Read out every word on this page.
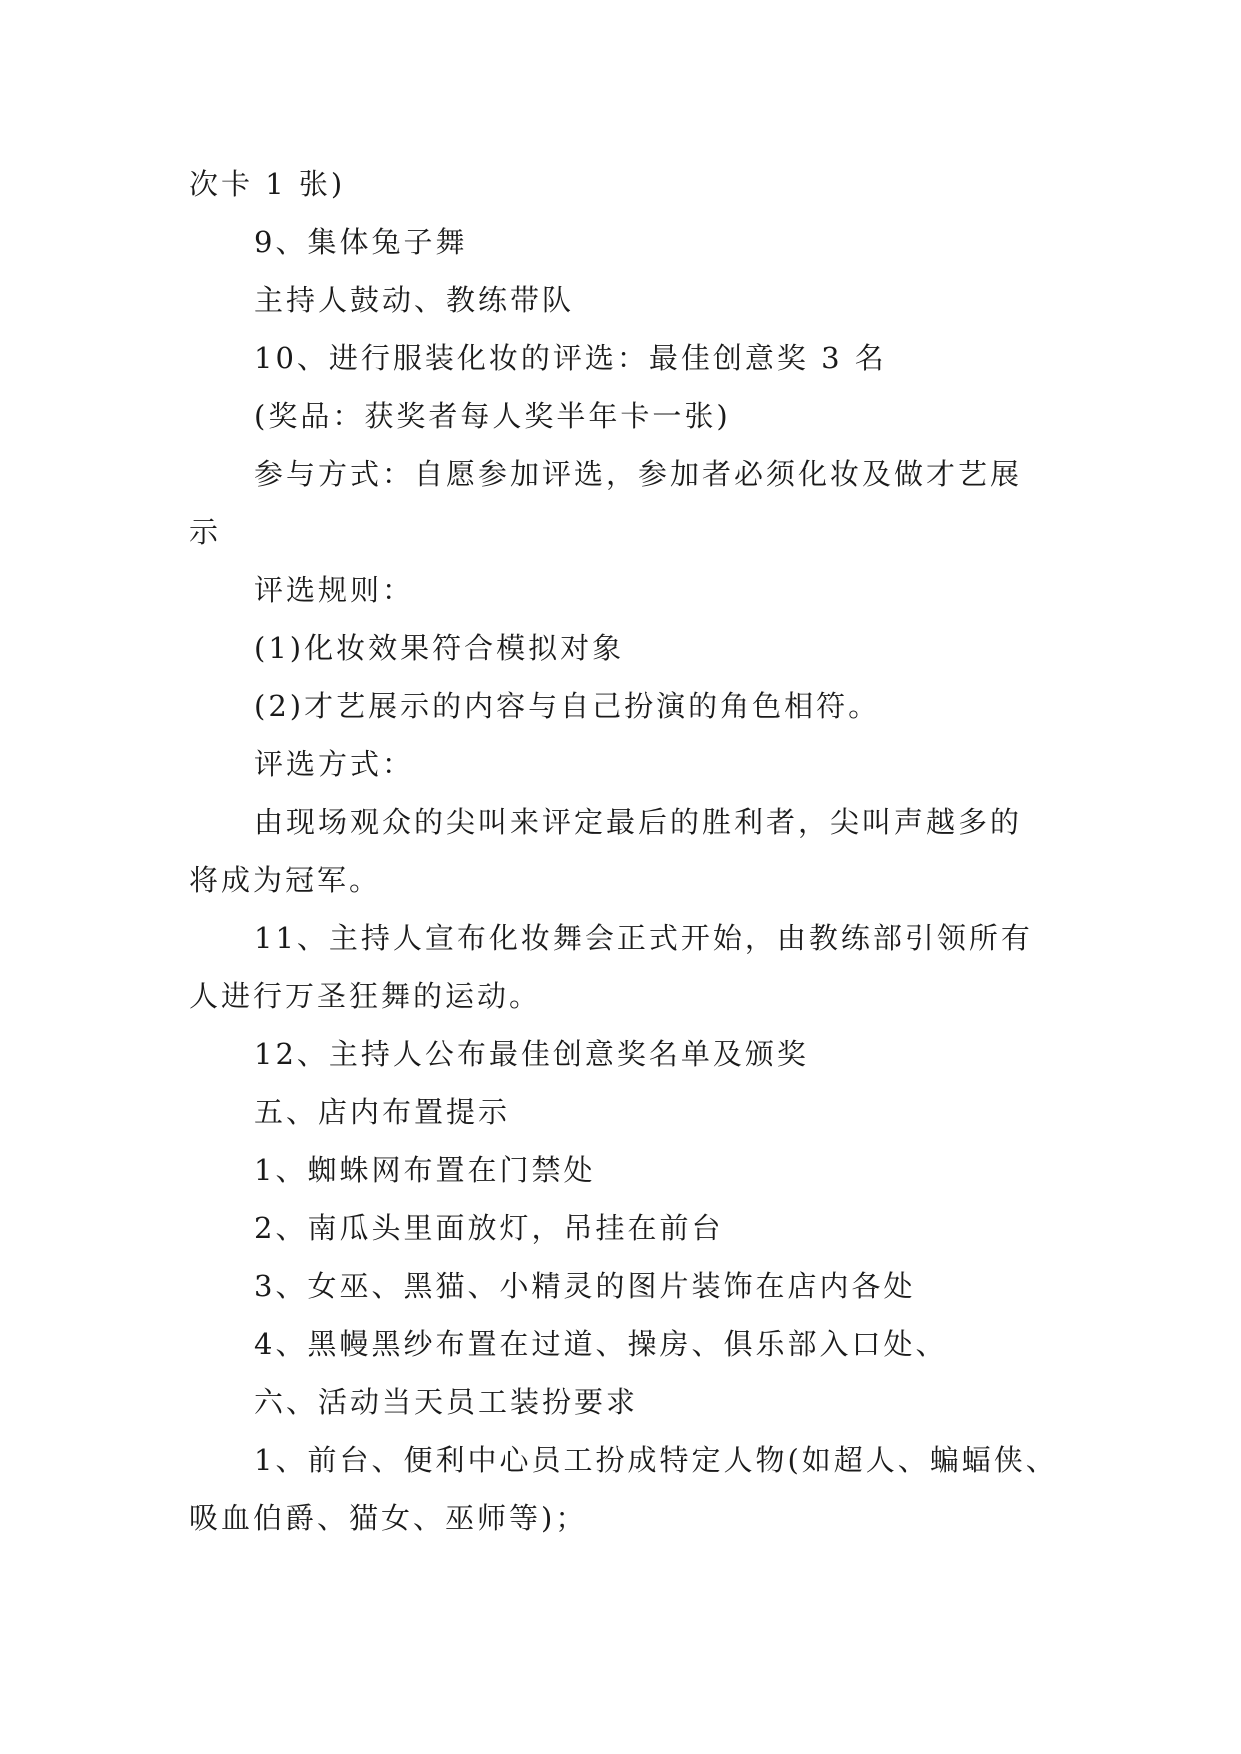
次卡 1 张)
9、集体兔子舞
主持人鼓动、教练带队
10、进行服装化妆的评选：最佳创意奖 3 名
(奖品：获奖者每人奖半年卡一张)
参与方式：自愿参加评选，参加者必须化妆及做才艺展
示
评选规则：
(1)化妆效果符合模拟对象
(2)才艺展示的内容与自己扮演的角色相符。
评选方式：
由现场观众的尖叫来评定最后的胜利者，尖叫声越多的
将成为冠军。
11、主持人宣布化妆舞会正式开始，由教练部引领所有
人进行万圣狂舞的运动。
12、主持人公布最佳创意奖名单及颁奖
五、店内布置提示
1、蜘蛛网布置在门禁处
2、南瓜头里面放灯，吊挂在前台
3、女巫、黑猫、小精灵的图片装饰在店内各处
4、黑幔黑纱布置在过道、操房、俱乐部入口处、
六、活动当天员工装扮要求
1、前台、便利中心员工扮成特定人物(如超人、蝙蝠侠、
吸血伯爵、猫女、巫师等)；
